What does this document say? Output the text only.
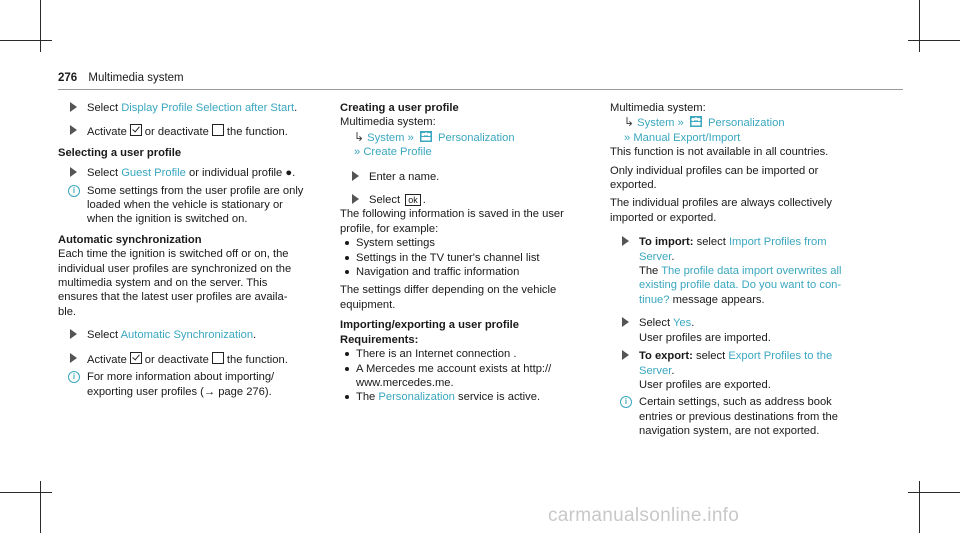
276 Multimedia system
Select Display Profile Selection after Start.
Activate or deactivate the function.
Selecting a user profile
Select Guest Profile or individual profile ●.
i	Some settings from the user profile are only
loaded when the vehicle is stationary or
when the ignition is switched on.
Automatic synchronization
Each time the ignition is switched off or on, the
individual user profiles are synchronized on the
multimedia system and on the server. This
ensures that the latest user profiles are availa-
ble.
Select Automatic Synchronization.
Activate or deactivate the function.
i	For more information about importing/
exporting user profiles (→ page 276).
Creating a user profile
Multimedia system:
↳ System » Personalization
» Create Profile
Enter a name.
Select ok .
The following information is saved in the user
profile, for example:
System settings
Settings in the TV tuner's channel list
Navigation and traffic information
The settings differ depending on the vehicle
equipment.
Importing/exporting a user profile
Requirements:
There is an Internet connection .
A Mercedes me account exists at http://
www.mercedes.me.
The Personalization service is active.
Multimedia system:
↳ System » Personalization
» Manual Export/Import
This function is not available in all countries.
Only individual profiles can be imported or
exported.
The individual profiles are always collectively
imported or exported.
To import: select Import Profiles from
Server.
The The profile data import overwrites all
existing profile data. Do you want to con-
tinue? message appears.
Select Yes.
User profiles are imported.
To export: select Export Profiles to the
Server.
User profiles are exported.
i	Certain settings, such as address book
entries or previous destinations from the
navigation system, are not exported.
carmanualsonline.info
